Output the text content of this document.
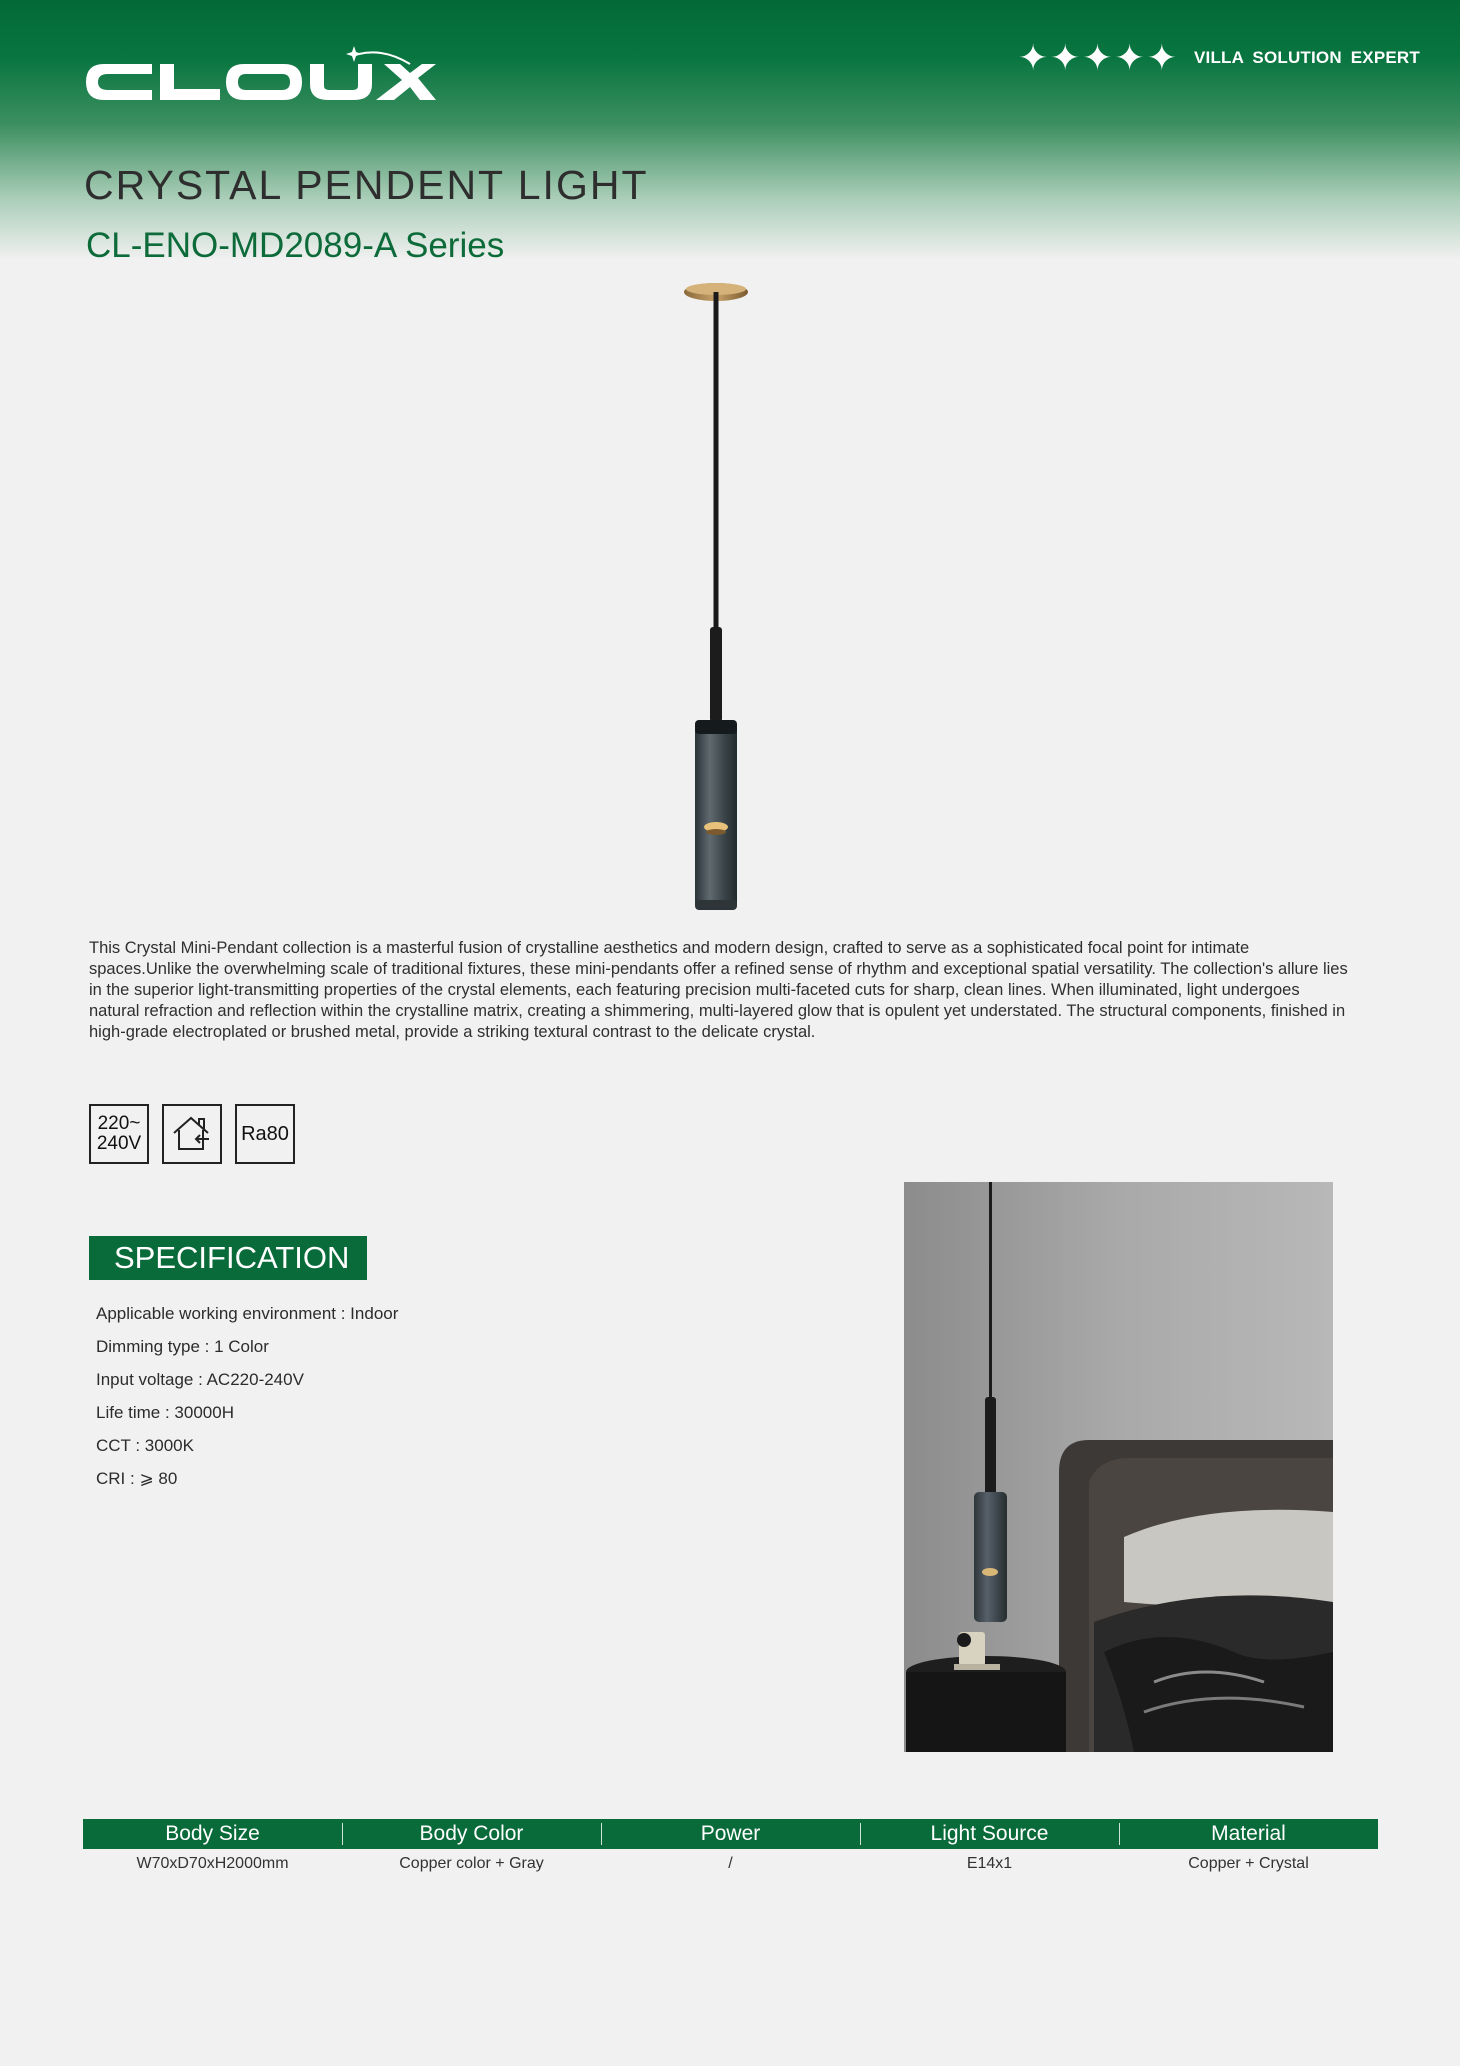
✦ ✦ ✦ ✦ ✦ VILLA SOLUTION EXPERT
CRYSTAL PENDENT LIGHT
CL-ENO-MD2089-A Series

This Crystal Mini-Pendant collection is a masterful fusion of crystalline aesthetics and modern design, crafted to serve as a sophisticated focal point for intimate spaces.Unlike the overwhelming scale of traditional fixtures, these mini-pendants offer a refined sense of rhythm and exceptional spatial versatility. The collection's allure lies in the superior light-transmitting properties of the crystal elements, each featuring precision multi-faceted cuts for sharp, clean lines. When illuminated, light undergoes natural refraction and reflection within the crystalline matrix, creating a shimmering, multi-layered glow that is opulent yet understated. The structural components, finished in high-grade electroplated or brushed metal, provide a striking textural contrast to the delicate crystal.

220~
240V	Ra80
SPECIFICATION
Applicable working environment : Indoor
Dimming type : 1 Color
Input voltage : AC220-240V
Life time : 30000H
CCT : 3000K
CRI : ⩾ 80
Body Size	Body Color	Power	Light Source	Material
W70xD70xH2000mm	Copper color + Gray	/	E14x1	Copper + Crystal
